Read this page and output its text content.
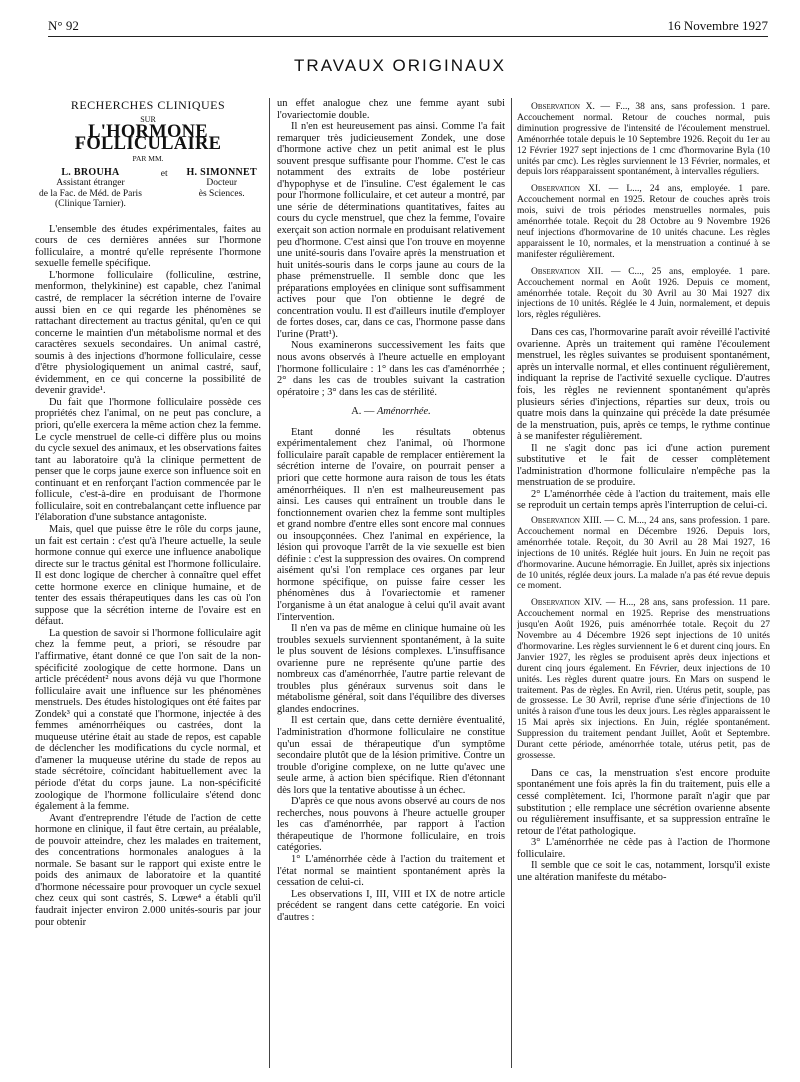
N° 92	16 Novembre 1927
TRAVAUX ORIGINAUX
RECHERCHES CLINIQUES
SUR
L'HORMONE FOLLICULAIRE
PAR MM.
L. BROUHA
Assistant étranger
de la Fac. de Méd. de Paris
(Clinique Tarnier).
et H. SIMONNET
Docteur
ès Sciences.

L'ensemble des études expérimentales, faites au cours de ces dernières années sur l'hormone folliculaire, a montré qu'elle représente l'hormone sexuelle femelle spécifique.

L'hormone folliculaire (folliculine, œstrine, menformon, thelykinine) est capable, chez l'animal castré, de remplacer la sécrétion interne de l'ovaire aussi bien en ce qui regarde les phénomènes se rattachant directement au tractus génital, qu'en ce qui concerne le maintien d'un métabolisme normal et des caractères sexuels secondaires. Un animal castré, soumis à des injections d'hormone folliculaire, cesse d'être physiologiquement un animal castré, sauf, évidemment, en ce qui concerne la possibilité de devenir gravide¹.

Du fait que l'hormone folliculaire possède ces propriétés chez l'animal, on ne peut pas conclure, a priori, qu'elle exercera la même action chez la femme. Le cycle menstruel de celle-ci diffère plus ou moins du cycle sexuel des animaux, et les observations faites tant au laboratoire qu'à la clinique permettent de penser que le corps jaune exerce son influence soit en continuant et en renforçant l'action commencée par le follicule, c'est-à-dire en produisant de l'hormone folliculaire, soit en contrebalançant cette influence par l'élaboration d'une substance antagoniste.

Mais, quel que puisse être le rôle du corps jaune, un fait est certain : c'est qu'à l'heure actuelle, la seule hormone connue qui exerce une influence anabolique directe sur le tractus génital est l'hormone folliculaire. Il est donc logique de chercher à connaître quel effet cette hormone exerce en clinique humaine, et de tenter des essais thérapeutiques dans les cas où l'on suppose que la sécrétion interne de l'ovaire est en défaut.

La question de savoir si l'hormone folliculaire agit chez la femme peut, a priori, se résoudre par l'affirmative, étant donné ce que l'on sait de la non-spécificité zoologique de cette hormone. Dans un article précédent² nous avons déjà vu que l'hormone folliculaire avait une influence sur les phénomènes menstruels. Des études histologiques ont été faites par Zondek³ qui a constaté que l'hormone, injectée à des femmes aménorrhéiques ou castrées, dont la muqueuse utérine était au stade de repos, est capable de déclencher les modifications du cycle normal, et d'amener la muqueuse utérine du stade de repos au stade sécrétoire, coïncidant habituellement avec la période d'état du corps jaune. La non-spécificité zoologique de l'hormone folliculaire s'étend donc également à la femme.

Avant d'entreprendre l'étude de l'action de cette hormone en clinique, il faut être certain, au préalable, de pouvoir atteindre, chez les malades en traitement, des concentrations hormonales analogues à la normale. Se basant sur le rapport qui existe entre le poids des animaux de laboratoire et la quantité d'hormone nécessaire pour provoquer un cycle sexuel chez ceux qui sont castrés, S. Lœwe⁴ a établi qu'il faudrait injecter environ 2.000 unités-souris par jour pour obtenir

un effet analogue chez une femme ayant subi l'ovariectomie double.

Il n'en est heureusement pas ainsi. Comme l'a fait remarquer très judicieusement Zondek, une dose d'hormone active chez un petit animal est le plus souvent presque suffisante pour l'homme. C'est le cas notamment des extraits de lobe postérieur d'hypophyse et de l'insuline. C'est également le cas pour l'hormone folliculaire, et cet auteur a montré, par une série de déterminations quantitatives, faites au cours du cycle menstruel, que chez la femme, l'ovaire exerçait son action normale en produisant relativement peu d'hormone. C'est ainsi que l'on trouve en moyenne une unité-souris dans l'ovaire après la menstruation et huit unités-souris dans le corps jaune au cours de la phase prémenstruelle. Il semble donc que les préparations employées en clinique sont suffisamment actives pour que l'on obtienne le degré de concentration voulu. Il est d'ailleurs inutile d'employer de fortes doses, car, dans ce cas, l'hormone passe dans l'urine (Pratt¹).

Nous examinerons successivement les faits que nous avons observés à l'heure actuelle en employant l'hormone folliculaire : 1° dans les cas d'aménorrhée ; 2° dans les cas de troubles suivant la castration opératoire ; 3° dans les cas de stérilité.

A. — Aménorrhée.

Etant donné les résultats obtenus expérimentalement chez l'animal, où l'hormone folliculaire paraît capable de remplacer entièrement la sécrétion interne de l'ovaire, on pourrait penser a priori que cette hormone aura raison de tous les états aménorrhéiques. Il n'en est malheureusement pas ainsi. Les causes qui entraînent un trouble dans le fonctionnement ovarien chez la femme sont multiples et grand nombre d'entre elles sont encore mal connues ou insoupçonnées. Chez l'animal en expérience, la lésion qui provoque l'arrêt de la vie sexuelle est bien définie : c'est la suppression des ovaires. On comprend aisément qu'si l'on remplace ces organes par leur hormone spécifique, on puisse faire cesser les phénomènes dus à l'ovariectomie et ramener l'organisme à un état analogue à celui qu'il avait avant l'intervention.

Il n'en va pas de même en clinique humaine où les troubles sexuels surviennent spontanément, à la suite le plus souvent de lésions complexes. L'insuffisance ovarienne pure ne représente qu'une partie des nombreux cas d'aménorrhée, l'autre partie relevant de troubles plus généraux survenus soit dans le métabolisme général, soit dans l'équilibre des diverses glandes endocrines.

Il est certain que, dans cette dernière éventualité, l'administration d'hormone folliculaire ne constitue qu'un essai de thérapeutique d'un symptôme secondaire plutôt que de la lésion primitive. Contre un trouble d'origine complexe, on ne lutte qu'avec une seule arme, à action bien spécifique. Rien d'étonnant dès lors que la tentative aboutisse à un échec.

D'après ce que nous avons observé au cours de nos recherches, nous pouvons à l'heure actuelle grouper les cas d'aménorrhée, par rapport à l'action thérapeutique de l'hormone folliculaire, en trois catégories.

1° L'aménorrhée cède à l'action du traitement et l'état normal se maintient spontanément après la cessation de celui-ci.

Les observations I, III, VIII et IX de notre article précédent se rangent dans cette catégorie. En voici d'autres :

Observation X. — F..., 38 ans, sans profession. 1 pare. Accouchement normal. Retour de couches normal, puis diminution progressive de l'intensité de l'écoulement menstruel. Aménorrhée totale depuis le 10 Septembre 1926. Reçoit du 1er au 12 Février 1927 sept injections de 1 cmc d'hormovarine Byla (10 unités par cmc). Les règles surviennent le 13 Février, normales, et depuis lors réapparaissent spontanément, à intervalles réguliers.

Observation XI. — L..., 24 ans, employée. 1 pare. Accouchement normal en 1925. Retour de couches après trois mois, suivi de trois périodes menstruelles normales, puis aménorrhée totale. Reçoit du 28 Octobre au 9 Novembre 1926 neuf injections d'hormovarine de 10 unités chacune. Les règles apparaissent le 10, normales, et la menstruation a continué à se manifester régulièrement.

Observation XII. — C..., 25 ans, employée. 1 pare. Accouchement normal en Août 1926. Depuis ce moment, aménorrhée totale. Reçoit du 30 Avril au 30 Mai 1927 dix injections de 10 unités. Réglée le 4 Juin, normalement, et depuis lors, règles régulières.

Dans ces cas, l'hormovarine paraît avoir réveillé l'activité ovarienne. Après un traitement qui ramène l'écoulement menstruel, les règles suivantes se produisent spontanément, après un intervalle normal, et elles continuent régulièrement, indiquant la reprise de l'activité sexuelle cyclique. D'autres fois, les règles ne reviennent spontanément qu'après plusieurs séries d'injections, réparties sur deux, trois ou quatre mois dans la quinzaine qui précède la date présumée de la menstruation, puis, après ce temps, le rythme continue à se manifester régulièrement.

Il ne s'agit donc pas ici d'une action purement substitutive et le fait de cesser complètement l'administration d'hormone folliculaire n'empêche pas la menstruation de se produire.

2° L'aménorrhée cède à l'action du traitement, mais elle se reproduit un certain temps après l'interruption de celui-ci.

Observation XIII. — C. M..., 24 ans, sans profession. 1 pare. Accouchement normal en Décembre 1926. Depuis lors, aménorrhée totale. Reçoit, du 30 Avril au 28 Mai 1927, 16 injections de 10 unités. Réglée huit jours. En Juin ne reçoit pas d'hormovarine. Aucune hémorragie. En Juillet, après six injections de 10 unités, réglée deux jours. La malade n'a pas été revue depuis ce moment.

Observation XIV. — H..., 28 ans, sans profession. 11 pare. Accouchement normal en 1925. Reprise des menstruations jusqu'en Août 1926, puis aménorrhée totale. Reçoit du 27 Novembre au 4 Décembre 1926 sept injections de 10 unités d'hormovarine. Les règles surviennent le 6 et durent cinq jours. En Janvier 1927, les règles se produisent après deux injections et durent cinq jours également. En Février, deux injections de 10 unités. Les règles durent quatre jours. En Mars on suspend le traitement. Pas de règles. En Avril, rien. Utérus petit, souple, pas de grossesse. Le 30 Avril, reprise d'une série d'injections de 10 unités à raison d'une tous les deux jours. Les règles apparaissent le 15 Mai après six injections. En Juin, réglée spontanément. Suppression du traitement pendant Juillet, Août et Septembre. Durant cette période, aménorrhée totale, utérus petit, pas de grossesse.

Dans ce cas, la menstruation s'est encore produite spontanément une fois après la fin du traitement, puis elle a cessé complètement. Ici, l'hormone paraît n'agir que par substitution ; elle remplace une sécrétion ovarienne absente ou régulièrement insuffisante, et sa suppression entraîne le retour de l'état pathologique.

3° L'aménorrhée ne cède pas à l'action de l'hormone folliculaire.

Il semble que ce soit le cas, notamment, lorsqu'il existe une altération manifeste du métabo-
